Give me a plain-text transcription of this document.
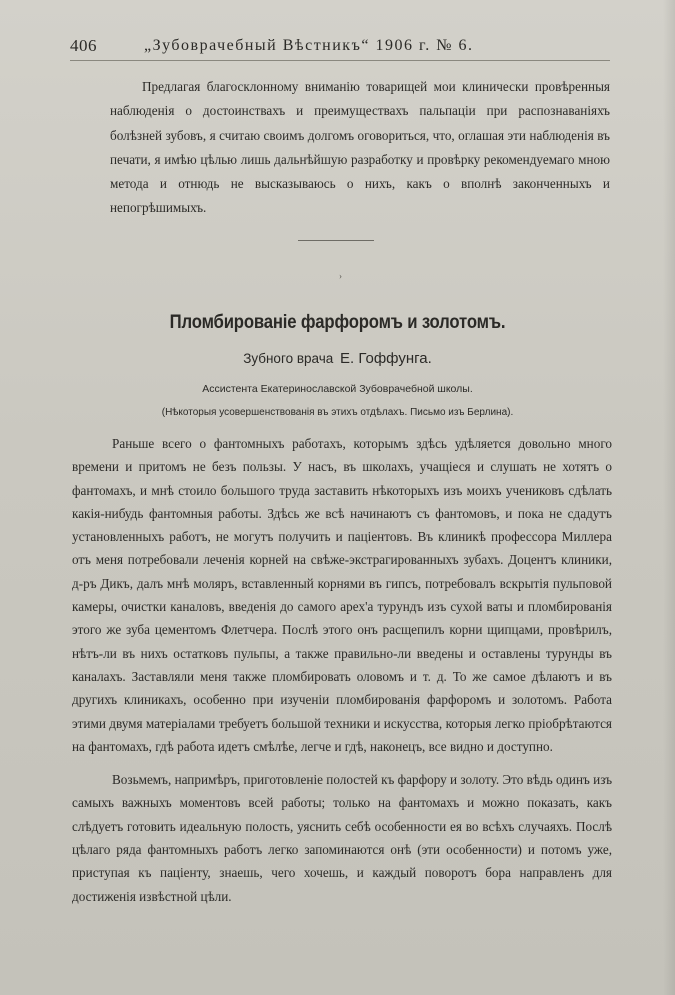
406	„Зубоврачебный Вѣстникъ“ 1906 г. № 6.

Предлагая благосклонному вниманію товарищей мои клинически провѣренныя наблюденія о достоинствахъ и преимуществахъ пальпаціи при распознаваніяхъ болѣзней зубовъ, я считаю своимъ долгомъ оговориться, что, оглашая эти наблюденія въ печати, я имѣю цѣлью лишь дальнѣйшую разработку и провѣрку рекомендуемаго мною метода и отнюдь не высказываюсь о нихъ, какъ о вполнѣ законченныхъ и непогрѣшимыхъ.

›
Пломбированіе фарфоромъ и золотомъ.
Зубного врача Е. Гоффунга.
Ассистента Екатеринославской Зубоврачебной школы.
(Нѣкоторыя усовершенствованія въ этихъ отдѣлахъ. Письмо изъ Берлина).

Раньше всего о фантомныхъ работахъ, которымъ здѣсь удѣляется довольно много времени и притомъ не безъ пользы. У насъ, въ школахъ, учащіеся и слушать не хотятъ о фантомахъ, и мнѣ стоило большого труда заставить нѣкоторыхъ изъ моихъ учениковъ сдѣлать какія-нибудь фантомныя работы. Здѣсь же всѣ начинаютъ съ фантомовъ, и пока не сдадутъ установленныхъ работъ, не могутъ получить и паціентовъ. Въ клиникѣ профессора Миллера отъ меня потребовали леченія корней на свѣже-экстрагированныхъ зубахъ. Доцентъ клиники, д-ръ Дикъ, далъ мнѣ моляръ, вставленный корнями въ гипсъ, потребовалъ вскрытія пульповой камеры, очистки каналовъ, введенія до самого apex'а турундъ изъ сухой ваты и пломбированія этого же зуба цементомъ Флетчера. Послѣ этого онъ расщепилъ корни щипцами, провѣрилъ, нѣтъ-ли въ нихъ остатковъ пульпы, а также правильно-ли введены и оставлены турунды въ каналахъ. Заставляли меня также пломбировать оловомъ и т. д. То же самое дѣлаютъ и въ другихъ клиникахъ, особенно при изученіи пломбированія фарфоромъ и золотомъ. Работа этими двумя матеріалами требуетъ большой техники и искусства, которыя легко пріобрѣтаются на фантомахъ, гдѣ работа идетъ смѣлѣе, легче и гдѣ, наконецъ, все видно и доступно.

Возьмемъ, напримѣръ, приготовленіе полостей къ фарфору и золоту. Это вѣдь одинъ изъ самыхъ важныхъ моментовъ всей работы; только на фантомахъ и можно показать, какъ слѣдуетъ готовить идеальную полость, уяснить себѣ особенности ея во всѣхъ случаяхъ. Послѣ цѣлаго ряда фантомныхъ работъ легко запоминаются онѣ (эти особенности) и потомъ уже, приступая къ паціенту, знаешь, чего хочешь, и каждый поворотъ бора направленъ для достиженія извѣстной цѣли.
